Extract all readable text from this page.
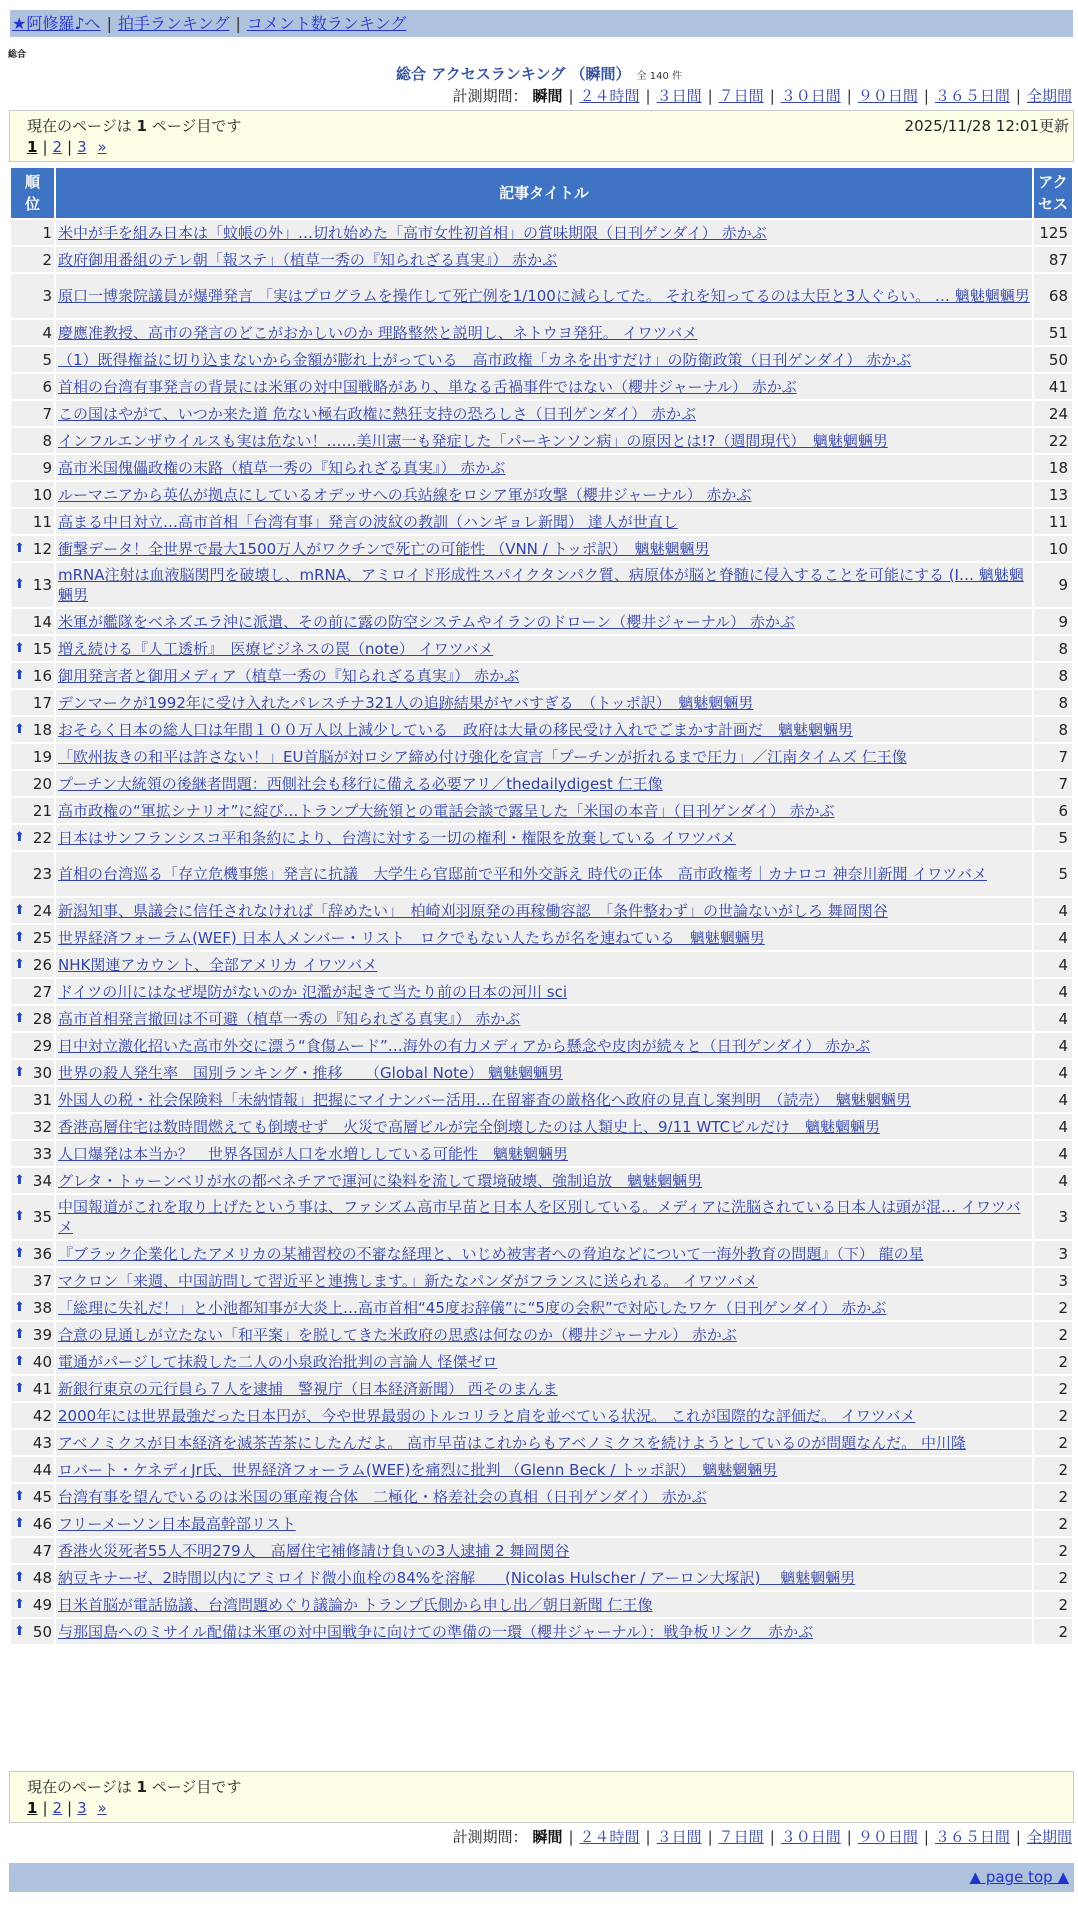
★阿修羅♪へ | 拍手ランキング | コメント数ランキング
総合
総合 アクセスランキング （瞬間） 全 140 件
計測期間： 瞬間 | ２４時間 | ３日間 | ７日間 | ３０日間 | ９０日間 | ３６５日間 | 全期間
現在のページは 1 ページ目です	2025/11/28 12:01更新
1 | 2 | 3 »
順位	記事タイトル	アクセス
1	米中が手を組み日本は「蚊帳の外」…切れ始めた「高市女性初首相」の賞味期限（日刊ゲンダイ） 赤かぶ	125
2	政府御用番組のテレ朝「報ステ」（植草一秀の『知られざる真実』） 赤かぶ	87
3	原口一博衆院議員が爆弾発言 「実はプログラムを操作して死亡例を1/100に減らしてた。 それを知ってるのは大臣と3人ぐらい。 … 魑魅魍魎男	68
4	慶應准教授、高市の発言のどこがおかしいのか 理路整然と説明し、ネトウヨ発狂。 イワツバメ	51
5	（1）既得権益に切り込まないから金額が膨れ上がっている　高市政権「カネを出すだけ」の防衛政策（日刊ゲンダイ） 赤かぶ	50
6	首相の台湾有事発言の背景には米軍の対中国戦略があり、単なる舌禍事件ではない（櫻井ジャーナル） 赤かぶ	41
7	この国はやがて、いつか来た道 危ない極右政権に熱狂支持の恐ろしさ（日刊ゲンダイ） 赤かぶ	24
8	インフルエンザウイルスも実は危ない！……美川憲一も発症した「パーキンソン病」の原因とは!?（週間現代）　魑魅魍魎男	22
9	高市米国傀儡政権の末路（植草一秀の『知られざる真実』） 赤かぶ	18
10	ルーマニアから英仏が拠点にしているオデッサへの兵站線をロシア軍が攻撃（櫻井ジャーナル） 赤かぶ	13
11	高まる中日対立…高市首相「台湾有事」発言の波紋の教訓（ハンギョレ新聞） 達人が世直し	11

⬆ 12	衝撃データ！全世界で最大1500万人がワクチンで死亡の可能性 （VNN / トッポ訳）　魑魅魍魎男	10

⬆ 13	mRNA注射は血液脳関門を破壊し、mRNA、アミロイド形成性スパイクタンパク質、病原体が脳と脊髄に侵入することを可能にする (I… 魑魅魍魎男	9
14	米軍が艦隊をベネズエラ沖に派遣、その前に露の防空システムやイランのドローン（櫻井ジャーナル） 赤かぶ	9

⬆ 15	増え続ける『人工透析』　医療ビジネスの罠（note） イワツバメ	8

⬆ 16	御用発言者と御用メディア（植草一秀の『知られざる真実』） 赤かぶ	8
17	デンマークが1992年に受け入れたパレスチナ321人の追跡結果がヤバすぎる　（トッポ訳）　魑魅魍魎男	8

⬆ 18	おそらく日本の総人口は年間１００万人以上減少している　政府は大量の移民受け入れでごまかす計画だ　魑魅魍魎男	8
19	「欧州抜きの和平は許さない！」EU首脳が対ロシア締め付け強化を宣言「プーチンが折れるまで圧力」／江南タイムズ 仁王像	7
20	プーチン大統領の後継者問題：西側社会も移行に備える必要アリ／thedailydigest 仁王像	7
21	高市政権の“軍拡シナリオ”に綻び…トランプ大統領との電話会談で露呈した「米国の本音」（日刊ゲンダイ） 赤かぶ	6

⬆ 22	日本はサンフランシスコ平和条約により、台湾に対する一切の権利・権限を放棄している イワツバメ	5
23	首相の台湾巡る「存立危機事態」発言に抗議　大学生ら官邸前で平和外交訴え 時代の正体　高市政権考｜カナロコ 神奈川新聞 イワツバメ	5

⬆ 24	新潟知事、県議会に信任されなければ「辞めたい」　柏崎刈羽原発の再稼働容認　「条件整わず」の世論ないがしろ 舞岡関谷	4

⬆ 25	世界経済フォーラム(WEF) 日本人メンバー・リスト　ロクでもない人たちが名を連ねている　魑魅魍魎男	4

⬆ 26	NHK関連アカウント、全部アメリカ イワツバメ	4
27	ドイツの川にはなぜ堤防がないのか 氾濫が起きて当たり前の日本の河川 sci	4

⬆ 28	高市首相発言撤回は不可避（植草一秀の『知られざる真実』） 赤かぶ	4
29	日中対立激化招いた高市外交に漂う“食傷ムード”…海外の有力メディアから懸念や皮肉が続々と（日刊ゲンダイ） 赤かぶ	4

⬆ 30	世界の殺人発生率　国別ランキング・推移　　（Global Note） 魑魅魍魎男	4
31	外国人の税・社会保険料「未納情報」把握にマイナンバー活用…在留審査の厳格化へ政府の見直し案判明　（読売）　魑魅魍魎男	4
32	香港高層住宅は数時間燃えても倒壊せず　火災で高層ビルが完全倒壊したのは人類史上、9/11 WTCビルだけ　魑魅魍魎男	4
33	人口爆発は本当か？　世界各国が人口を水増ししている可能性　魑魅魍魎男	4

⬆ 34	グレタ・トゥーンベリが水の都ベネチアで運河に染料を流して環境破壊、強制追放　魑魅魍魎男	4

⬆ 35	中国報道がこれを取り上げたという事は、ファシズム高市早苗と日本人を区別している。メディアに洗脳されている日本人は頭が混… イワツバメ	3

⬆ 36	『ブラック企業化したアメリカの某補習校の不審な経理と、いじめ被害者への脅迫などについて一海外教育の問題』（下） 龍の星	3
37	マクロン「来週、中国訪問して習近平と連携します。」新たなパンダがフランスに送られる。 イワツバメ	3

⬆ 38	「総理に失礼だ！」と小池都知事が大炎上…高市首相“45度お辞儀”に“5度の会釈”で対応したワケ（日刊ゲンダイ） 赤かぶ	2

⬆ 39	合意の見通しが立たない「和平案」を脱してきた米政府の思惑は何なのか（櫻井ジャーナル） 赤かぶ	2

⬆ 40	電通がパージして抹殺した二人の小泉政治批判の言論人 怪傑ゼロ	2

⬆ 41	新銀行東京の元行員ら７人を逮捕　警視庁（日本経済新聞） 西そのまんま	2
42	2000年には世界最強だった日本円が、今や世界最弱のトルコリラと肩を並べている状況。 これが国際的な評価だ。 イワツバメ	2
43	アベノミクスが日本経済を滅茶苦茶にしたんだよ。 高市早苗はこれからもアベノミクスを続けようとしているのが問題なんだ。 中川隆	2
44	ロバート・ケネディJr氏、世界経済フォーラム(WEF)を痛烈に批判 （Glenn Beck / トッポ訳）　魑魅魍魎男	2

⬆ 45	台湾有事を望んでいるのは米国の軍産複合体　二極化・格差社会の真相（日刊ゲンダイ） 赤かぶ	2

⬆ 46	フリーメーソン日本最高幹部リスト	2
47	香港火災死者55人不明279人　高層住宅補修請け負いの3人逮捕 2 舞岡関谷	2

⬆ 48	納豆キナーゼ、2時間以内にアミロイド微小血栓の84%を溶解　　(Nicolas Hulscher / アーロン大塚訳)　 魑魅魍魎男	2

⬆ 49	日米首脳が電話協議、台湾問題めぐり議論か トランプ氏側から申し出／朝日新聞 仁王像	2

⬆ 50	与那国島へのミサイル配備は米軍の対中国戦争に向けての準備の一環（櫻井ジャーナル）：戦争板リンク　赤かぶ	2
現在のページは 1 ページ目です
1 | 2 | 3 »
計測期間： 瞬間 | ２４時間 | ３日間 | ７日間 | ３０日間 | ９０日間 | ３６５日間 | 全期間
▲ page top ▲
